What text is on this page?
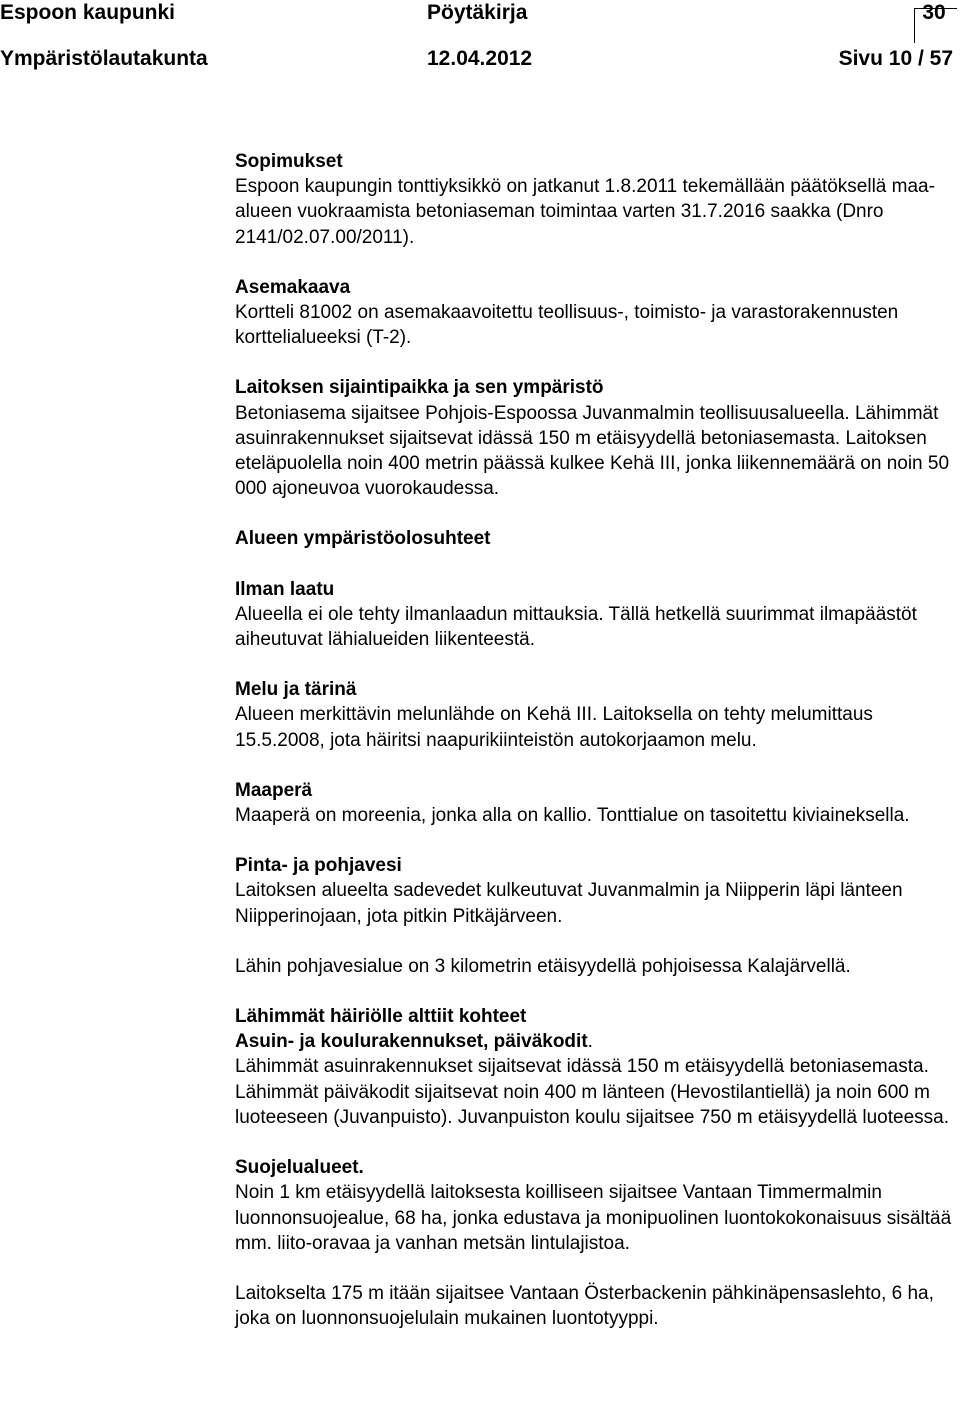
Espoon kaupunki	Pöytäkirja	30
Ympäristölautakunta	12.04.2012	Sivu 10 / 57

Sopimukset

Espoon kaupungin tonttiyksikkö on jatkanut 1.8.2011 tekemällään päätöksellä maa-alueen vuokraamista betoniaseman toimintaa varten 31.7.2016 saakka (Dnro 2141/02.07.00/2011).

Asemakaava

Kortteli 81002 on asemakaavoitettu teollisuus-, toimisto- ja varastorakennusten korttelialueeksi (T-2).

Laitoksen sijaintipaikka ja sen ympäristö

Betoniasema sijaitsee Pohjois-Espoossa Juvanmalmin teollisuusalueella. Lähimmät asuinrakennukset sijaitsevat idässä 150 m etäisyydellä betoniasemasta. Laitoksen eteläpuolella noin 400 metrin päässä kulkee Kehä III, jonka liikennemäärä on noin 50 000 ajoneuvoa vuorokaudessa.

Alueen ympäristöolosuhteet

Ilman laatu

Alueella ei ole tehty ilmanlaadun mittauksia. Tällä hetkellä suurimmat ilmapäästöt aiheutuvat lähialueiden liikenteestä.

Melu ja tärinä

Alueen merkittävin melunlähde on Kehä III. Laitoksella on tehty melumittaus 15.5.2008, jota häiritsi naapurikiinteistön autokorjaamon melu.

Maaperä

Maaperä on moreenia, jonka alla on kallio. Tonttialue on tasoitettu kiviaineksella.

Pinta- ja pohjavesi

Laitoksen alueelta sadevedet kulkeutuvat Juvanmalmin ja Niipperin läpi länteen Niipperinojaan, jota pitkin Pitkäjärveen.

Lähin pohjavesialue on 3 kilometrin etäisyydellä pohjoisessa Kalajärvellä.

Lähimmät häiriölle alttiit kohteet

Asuin- ja koulurakennukset, päiväkodit.

Lähimmät asuinrakennukset sijaitsevat idässä 150 m etäisyydellä betoniasemasta. Lähimmät päiväkodit sijaitsevat noin 400 m länteen (Hevostilantiellä) ja noin 600 m luoteeseen (Juvanpuisto). Juvanpuiston koulu sijaitsee 750 m etäisyydellä luoteessa.

Suojelualueet.

Noin 1 km etäisyydellä laitoksesta koilliseen sijaitsee Vantaan Timmermalmin luonnonsuojealue, 68 ha, jonka edustava ja monipuolinen luontokokonaisuus sisältää mm. liito-oravaa ja vanhan metsän lintulajistoa.

Laitokselta 175 m itään sijaitsee Vantaan Österbackenin pähkinäpensaslehto, 6 ha, joka on luonnonsuojelulain mukainen luontotyyppi.
